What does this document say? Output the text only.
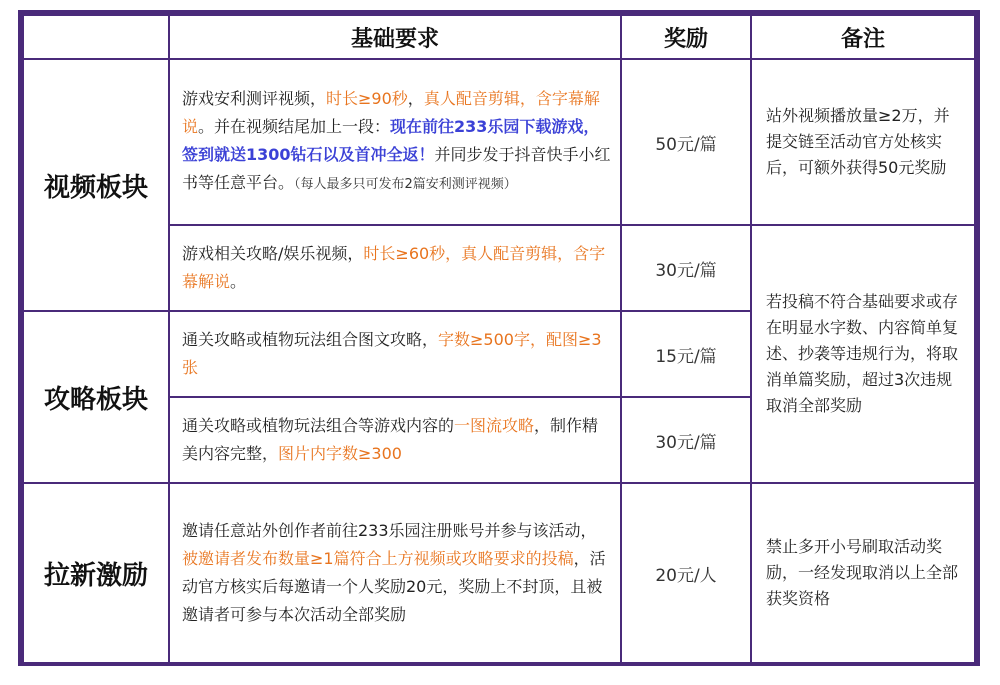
	基础要求	奖励	备注
视频板块	游戏安利测评视频，时长≥90秒，真人配音剪辑，含字幕解说。并在视频结尾加上一段：现在前往233乐园下载游戏，签到就送1300钻石以及首冲全返！并同步发于抖音快手小红书等任意平台。（每人最多只可发布2篇安利测评视频）	50元/篇	站外视频播放量≥2万，并提交链至活动官方处核实后，可额外获得50元奖励
	游戏相关攻略/娱乐视频，时长≥60秒，真人配音剪辑，含字幕解说。	30元/篇	若投稿不符合基础要求或存在明显水字数、内容简单复述、抄袭等违规行为，将取消单篇奖励，超过3次违规取消全部奖励
攻略板块	通关攻略或植物玩法组合图文攻略，字数≥500字，配图≥3张	15元/篇	
	通关攻略或植物玩法组合等游戏内容的一图流攻略，制作精美内容完整，图片内字数≥300	30元/篇	
拉新激励	邀请任意站外创作者前往233乐园注册账号并参与该活动，被邀请者发布数量≥1篇符合上方视频或攻略要求的投稿，活动官方核实后每邀请一个人奖励20元，奖励上不封顶，且被邀请者可参与本次活动全部奖励	20元/人	禁止多开小号刷取活动奖励，一经发现取消以上全部获奖资格
